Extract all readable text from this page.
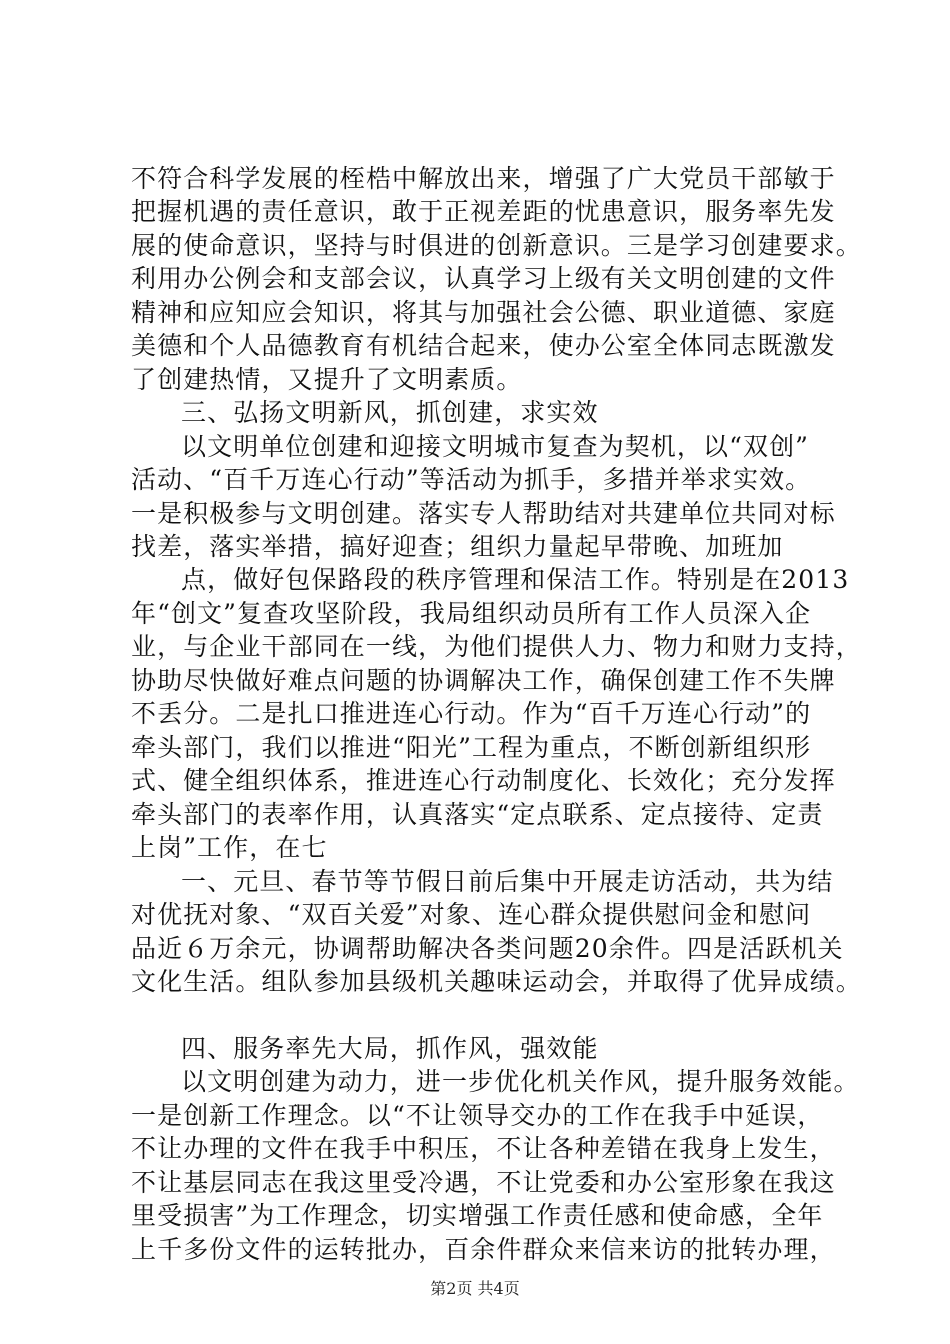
不符合科学发展的桎梏中解放出来，增强了广大党员干部敏于
把握机遇的责任意识，敢于正视差距的忧患意识，服务率先发
展的使命意识，坚持与时俱进的创新意识。三是学习创建要求。
利用办公例会和支部会议，认真学习上级有关文明创建的文件
精神和应知应会知识，将其与加强社会公德、职业道德、家庭
美德和个人品德教育有机结合起来，使办公室全体同志既激发
了创建热情，又提升了文明素质。
三、弘扬文明新风，抓创建，求实效
以文明单位创建和迎接文明城市复查为契机，以“双创”
活动、“百千万连心行动”等活动为抓手，多措并举求实效。
一是积极参与文明创建。落实专人帮助结对共建单位共同对标
找差，落实举措，搞好迎查；组织力量起早带晚、加班加
点，做好包保路段的秩序管理和保洁工作。特别是在2013
年“创文”复查攻坚阶段，我局组织动员所有工作人员深入企
业，与企业干部同在一线，为他们提供人力、物力和财力支持，
协助尽快做好难点问题的协调解决工作，确保创建工作不失牌
不丢分。二是扎口推进连心行动。作为“百千万连心行动”的
牵头部门，我们以推进“阳光”工程为重点，不断创新组织形
式、健全组织体系，推进连心行动制度化、长效化；充分发挥
牵头部门的表率作用，认真落实“定点联系、定点接待、定责
上岗”工作，在七
一、元旦、春节等节假日前后集中开展走访活动，共为结
对优抚对象、“双百关爱”对象、连心群众提供慰问金和慰问
品近６万余元，协调帮助解决各类问题20余件。四是活跃机关
文化生活。组队参加县级机关趣味运动会，并取得了优异成绩。
四、服务率先大局，抓作风，强效能
以文明创建为动力，进一步优化机关作风，提升服务效能。
一是创新工作理念。以“不让领导交办的工作在我手中延误，
不让办理的文件在我手中积压，不让各种差错在我身上发生，
不让基层同志在我这里受冷遇，不让党委和办公室形象在我这
里受损害”为工作理念，切实增强工作责任感和使命感，全年
上千多份文件的运转批办，百余件群众来信来访的批转办理，
第2页 共4页
